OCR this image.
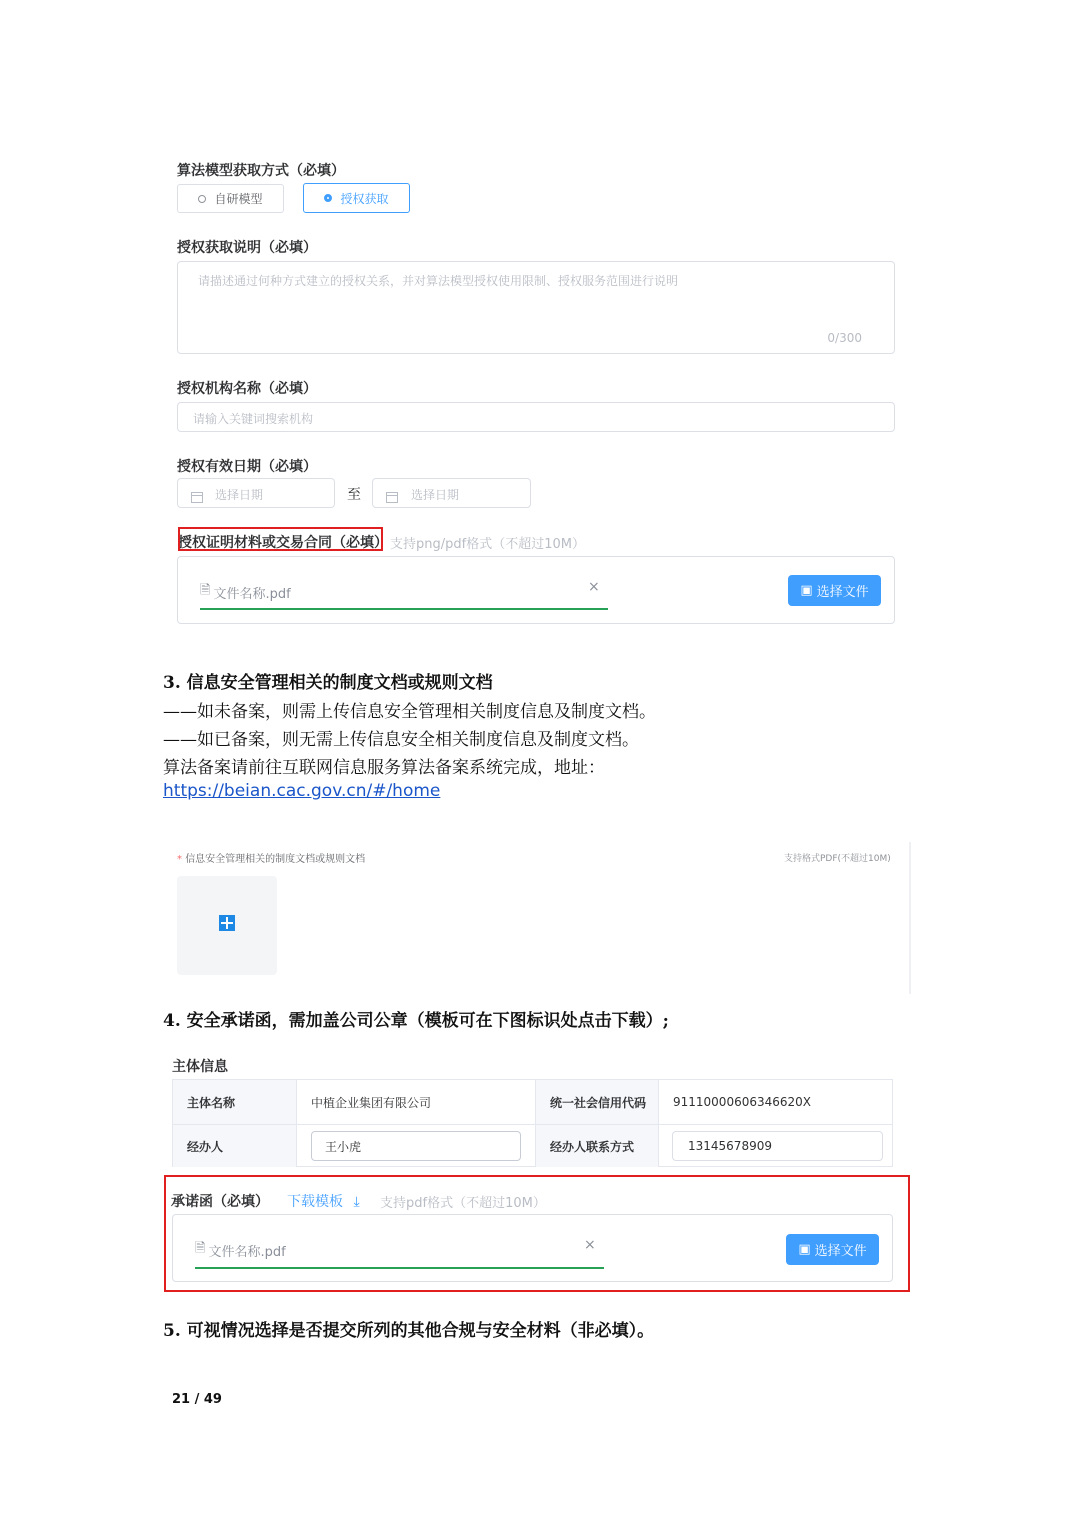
算法模型获取方式（必填）
自研模型	授权获取
授权获取说明（必填）
请描述通过何种方式建立的授权关系，并对算法模型授权使用限制、授权服务范围进行说明
0/300
授权机构名称（必填）
请输入关键词搜索机构
授权有效日期（必填）
选择日期	至	选择日期
授权证明材料或交易合同（必填） 支持png/pdf格式（不超过10M）
🗎 文件名称.pdf	×	▣ 选择文件
3. 信息安全管理相关的制度文档或规则文档
——如未备案，则需上传信息安全管理相关制度信息及制度文档。
——如已备案，则无需上传信息安全相关制度信息及制度文档。
算法备案请前往互联网信息服务算法备案系统完成，地址：
https://beian.cac.gov.cn/#/home
* 信息安全管理相关的制度文档或规则文档	支持格式PDF(不超过10M)
4. 安全承诺函，需加盖公司公章（模板可在下图标识处点击下载）;
主体信息
主体名称	中植企业集团有限公司	统一社会信用代码 91110000606346620X
经办人	王小虎	经办人联系方式	13145678909
承诺函（必填） 下载模板 ⤓ 支持pdf格式（不超过10M）
🗎 文件名称.pdf	×	▣ 选择文件
5. 可视情况选择是否提交所列的其他合规与安全材料（非必填）。
21 / 49
